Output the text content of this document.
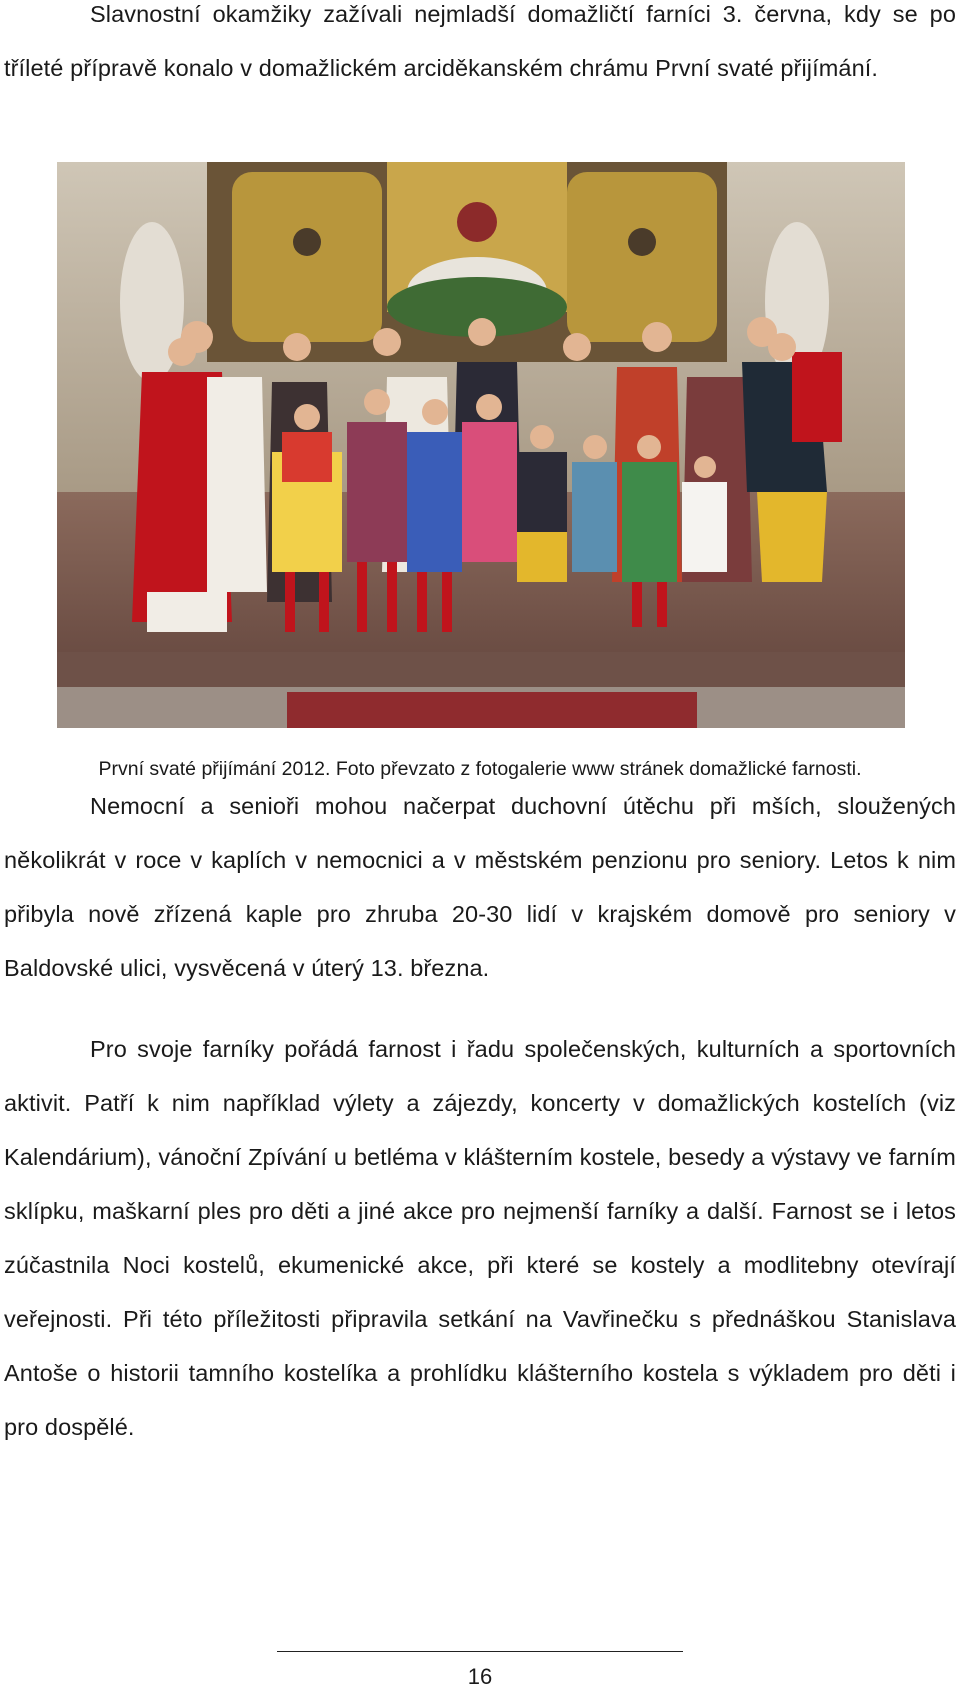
Slavnostní okamžiky zažívali nejmladší domažličtí farníci 3. června, kdy se po tříleté přípravě konalo v domažlickém arciděkanském chrámu První svaté přijímání.

První svaté přijímání 2012. Foto převzato z fotogalerie www stránek domažlické farnosti.

Nemocní a senioři mohou načerpat duchovní útěchu při mších, sloužených několikrát v roce v kaplích v nemocnici a v městském penzionu pro seniory. Letos k nim přibyla nově zřízená kaple pro zhruba 20-30 lidí v krajském domově pro seniory v Baldovské ulici, vysvěcená v úterý 13. března.

Pro svoje farníky pořádá farnost i řadu společenských, kulturních a sportovních aktivit. Patří k nim například výlety a zájezdy, koncerty v domažlických kostelích (viz Kalendárium), vánoční Zpívání u betléma v klášterním kostele, besedy a výstavy ve farním sklípku, maškarní ples pro děti a jiné akce pro nejmenší farníky a další. Farnost se i letos zúčastnila Noci kostelů, ekumenické akce, při které se kostely a modlitebny otevírají veřejnosti. Při této příležitosti připravila setkání na Vavřinečku s přednáškou Stanislava Antoše o historii tamního kostelíka a prohlídku klášterního kostela s výkladem pro děti i pro dospělé.

16
